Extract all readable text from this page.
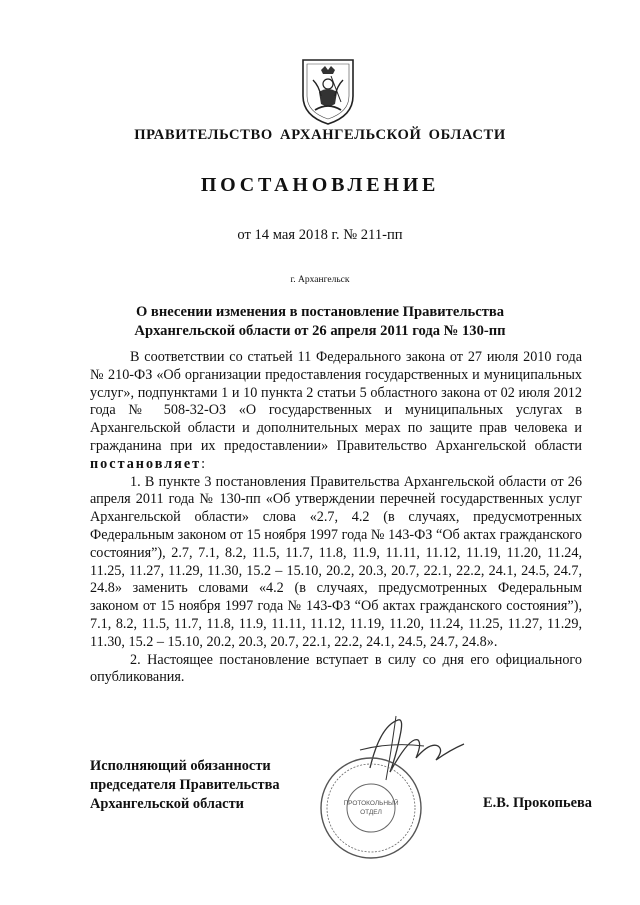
ПРАВИТЕЛЬСТВО АРХАНГЕЛЬСКОЙ ОБЛАСТИ
ПОСТАНОВЛЕНИЕ
от 14 мая 2018 г. № 211-пп
г. Архангельск
О внесении изменения в постановление Правительства
Архангельской области от 26 апреля 2011 года № 130-пп

В соответствии со статьей 11 Федерального закона от 27 июля 2010 года № 210-ФЗ «Об организации предоставления государственных и муниципальных услуг», подпунктами 1 и 10 пункта 2 статьи 5 областного закона от 02 июля 2012 года № 508-32-ОЗ «О государственных и муниципальных услугах в Архангельской области и дополнительных мерах по защите прав человека и гражданина при их предоставлении» Правительство Архангельской области постановляет:

1. В пункте 3 постановления Правительства Архангельской области от 26 апреля 2011 года № 130-пп «Об утверждении перечней государственных услуг Архангельской области» слова «2.7, 4.2 (в случаях, предусмотренных Федеральным законом от 15 ноября 1997 года № 143-ФЗ “Об актах гражданского состояния”), 2.7, 7.1, 8.2, 11.5, 11.7, 11.8, 11.9, 11.11, 11.12, 11.19, 11.20, 11.24, 11.25, 11.27, 11.29, 11.30, 15.2 – 15.10, 20.2, 20.3, 20.7, 22.1, 22.2, 24.1, 24.5, 24.7, 24.8» заменить словами «4.2 (в случаях, предусмотренных Федеральным законом от 15 ноября 1997 года № 143-ФЗ “Об актах гражданского состояния”), 7.1, 8.2, 11.5, 11.7, 11.8, 11.9, 11.11, 11.12, 11.19, 11.20, 11.24, 11.25, 11.27, 11.29, 11.30, 15.2 – 15.10, 20.2, 20.3, 20.7, 22.1, 22.2, 24.1, 24.5, 24.7, 24.8».

2. Настоящее постановление вступает в силу со дня его официального опубликования.

Исполняющий обязанности
председателя Правительства
Архангельской области	Е.В. Прокопьева
ПРОТОКОЛЬНЫЙ
ОТДЕЛ
